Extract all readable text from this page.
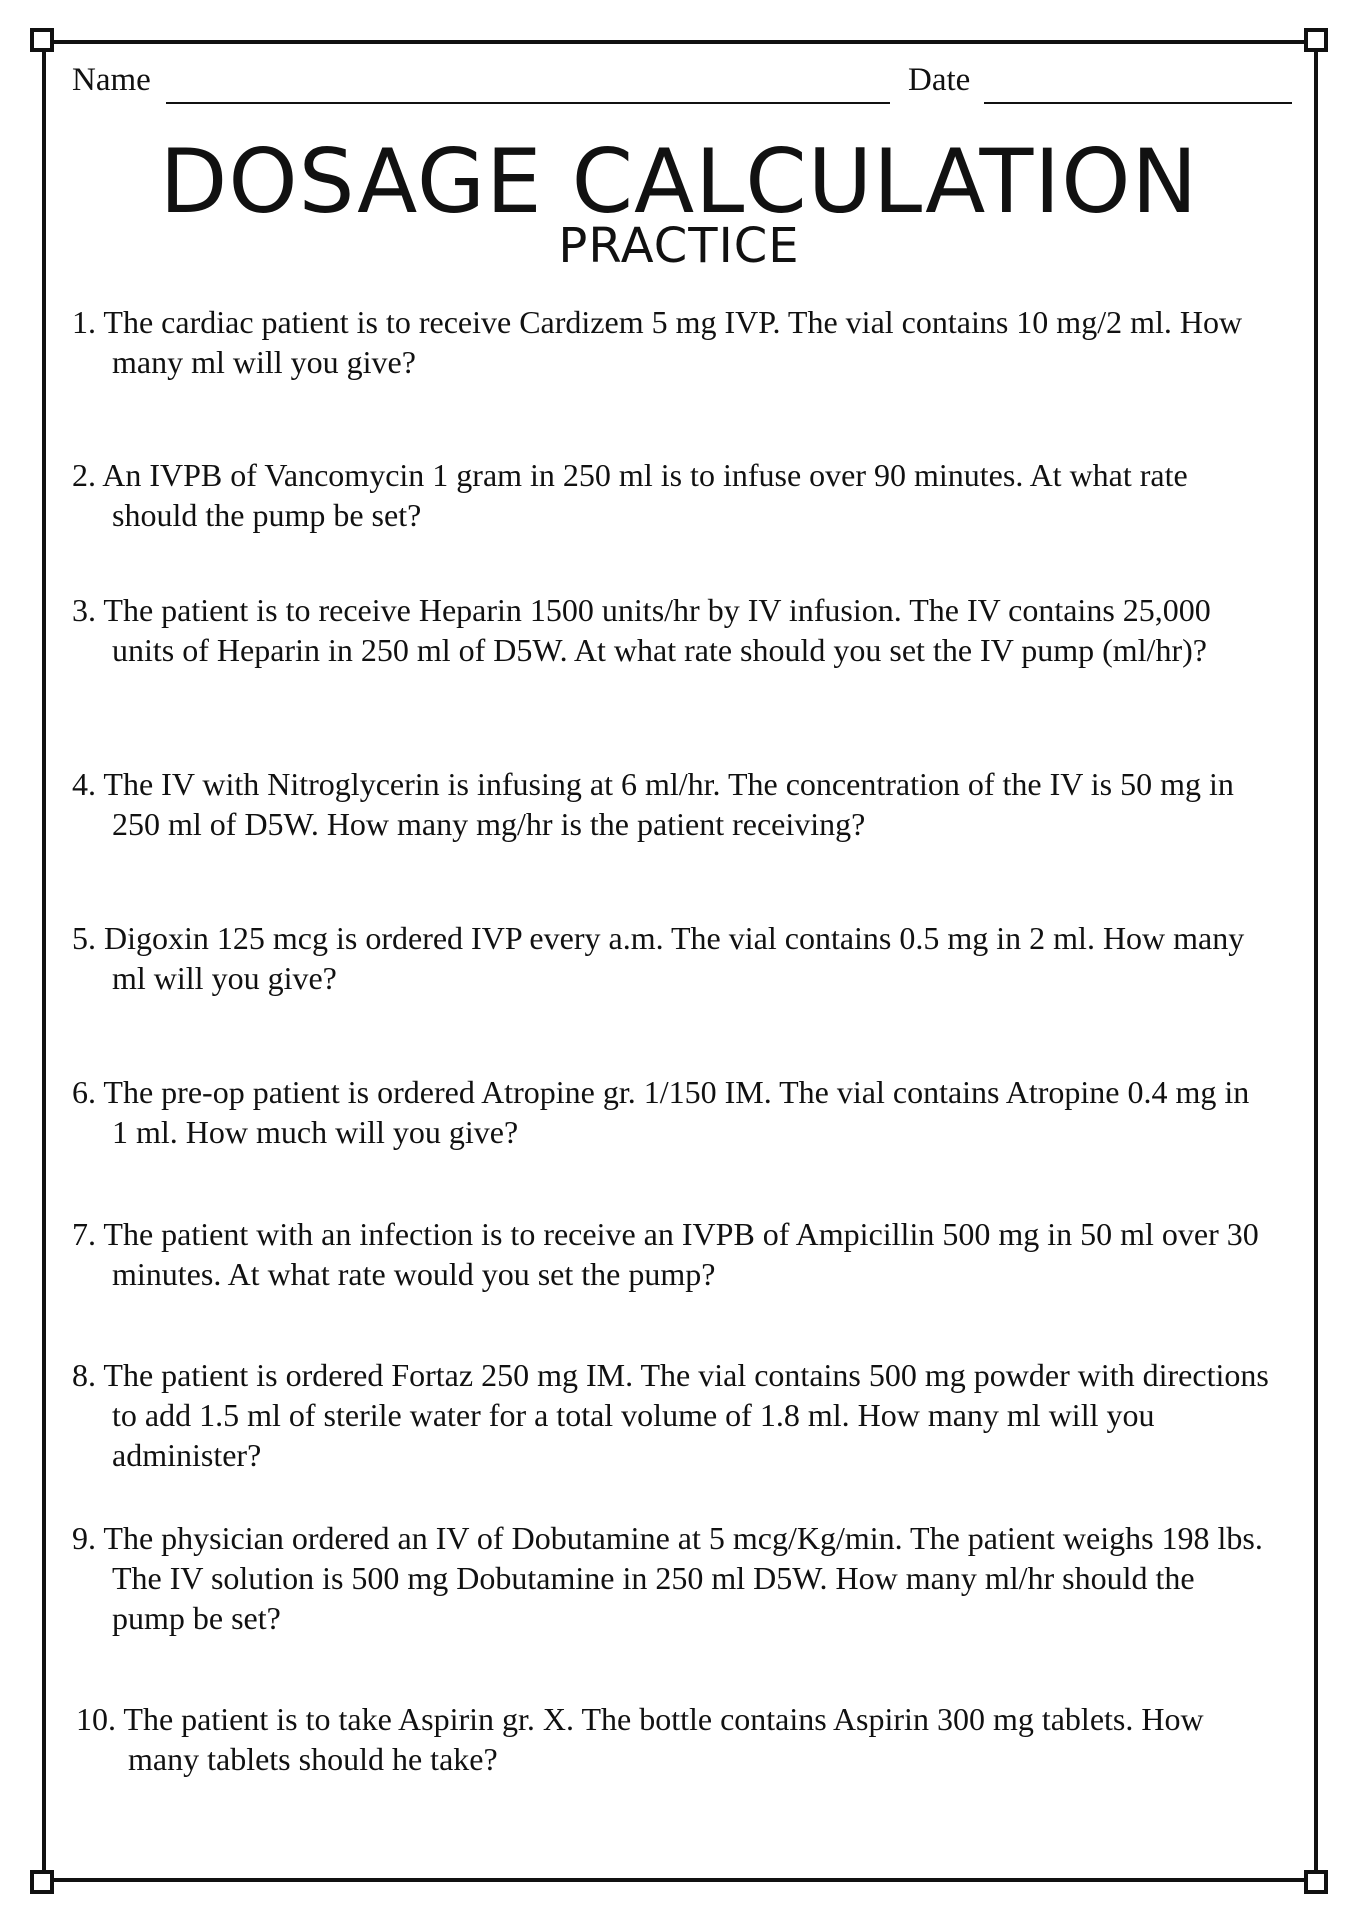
Name	Date
DOSAGE CALCULATION
PRACTICE
1. The cardiac patient is to receive Cardizem 5 mg IVP. The vial contains 10 mg/2 ml. How many ml will you give?
2. An IVPB of Vancomycin 1 gram in 250 ml is to infuse over 90 minutes. At what rate should the pump be set?
3. The patient is to receive Heparin 1500 units/hr by IV infusion. The IV contains 25,000 units of Heparin in 250 ml of D5W. At what rate should you set the IV pump (ml/hr)?
4. The IV with Nitroglycerin is infusing at 6 ml/hr. The concentration of the IV is 50 mg in 250 ml of D5W. How many mg/hr is the patient receiving?
5. Digoxin 125 mcg is ordered IVP every a.m. The vial contains 0.5 mg in 2 ml. How many ml will you give?
6. The pre-op patient is ordered Atropine gr. 1/150 IM. The vial contains Atropine 0.4 mg in 1 ml. How much will you give?
7. The patient with an infection is to receive an IVPB of Ampicillin 500 mg in 50 ml over 30 minutes. At what rate would you set the pump?
8. The patient is ordered Fortaz 250 mg IM. The vial contains 500 mg powder with directions to add 1.5 ml of sterile water for a total volume of 1.8 ml. How many ml will you administer?
9. The physician ordered an IV of Dobutamine at 5 mcg/Kg/min. The patient weighs 198 lbs. The IV solution is 500 mg Dobutamine in 250 ml D5W. How many ml/hr should the pump be set?
10. The patient is to take Aspirin gr. X. The bottle contains Aspirin 300 mg tablets. How many tablets should he take?
